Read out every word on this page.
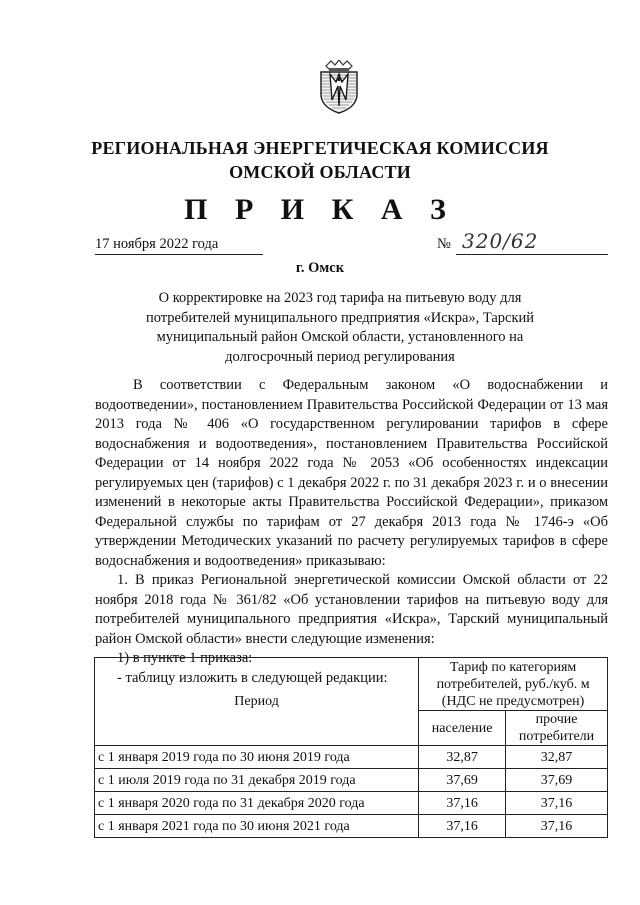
РЕГИОНАЛЬНАЯ ЭНЕРГЕТИЧЕСКАЯ КОМИССИЯ
ОМСКОЙ ОБЛАСТИ
П Р И К А З
17 ноября 2022 года	№ 320/62
г. Омск
О корректировке на 2023 год тарифа на питьевую воду для потребителей муниципального предприятия «Искра», Тарский муниципальный район Омской области, установленного на долгосрочный период регулирования

В соответствии с Федеральным законом «О водоснабжении и водоотведении», постановлением Правительства Российской Федерации от 13 мая 2013 года № 406 «О государственном регулировании тарифов в сфере водоснабжения и водоотведения», постановлением Правительства Российской Федерации от 14 ноября 2022 года № 2053 «Об особенностях индексации регулируемых цен (тарифов) с 1 декабря 2022 г. по 31 декабря 2023 г. и о внесении изменений в некоторые акты Правительства Российской Федерации», приказом Федеральной службы по тарифам от 27 декабря 2013 года № 1746-э «Об утверждении Методических указаний по расчету регулируемых тарифов в сфере водоснабжения и водоотведения» приказываю:

1. В приказ Региональной энергетической комиссии Омской области от 22 ноября 2018 года № 361/82 «Об установлении тарифов на питьевую воду для потребителей муниципального предприятия «Искра», Тарский муниципальный район Омской области» внести следующие изменения:

1) в пункте 1 приказа:

- таблицу изложить в следующей редакции:

Период	Тариф по категориям потребителей, руб./куб. м (НДС не предусмотрен)	
	население	прочие потребители
с 1 января 2019 года по 30 июня 2019 года	32,87	32,87
с 1 июля 2019 года по 31 декабря 2019 года	37,69	37,69
с 1 января 2020 года по 31 декабря 2020 года	37,16	37,16
с 1 января 2021 года по 30 июня 2021 года	37,16	37,16
